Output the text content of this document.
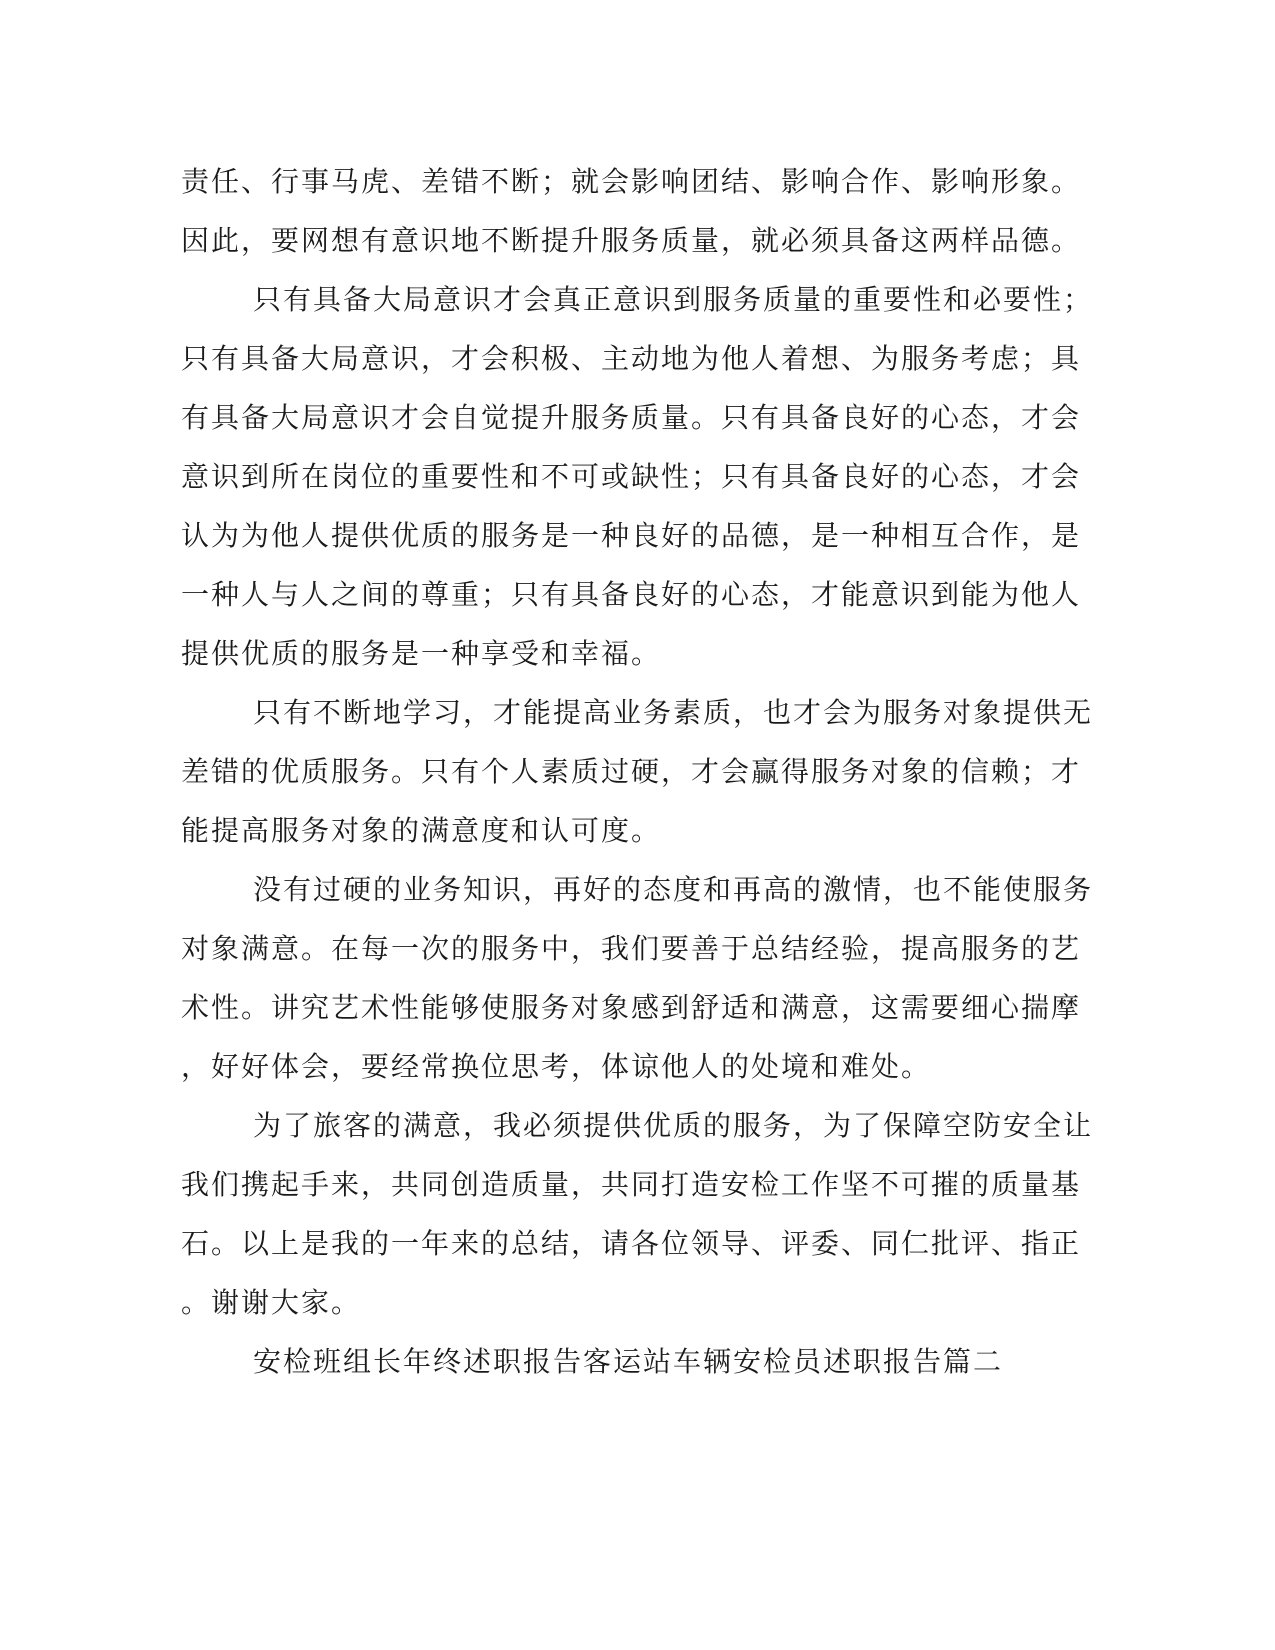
责任、行事马虎、差错不断；就会影响团结、影响合作、影响形象。
因此，要网想有意识地不断提升服务质量，就必须具备这两样品德。
只有具备大局意识才会真正意识到服务质量的重要性和必要性；
只有具备大局意识，才会积极、主动地为他人着想、为服务考虑；具
有具备大局意识才会自觉提升服务质量。只有具备良好的心态，才会
意识到所在岗位的重要性和不可或缺性；只有具备良好的心态，才会
认为为他人提供优质的服务是一种良好的品德，是一种相互合作，是
一种人与人之间的尊重；只有具备良好的心态，才能意识到能为他人
提供优质的服务是一种享受和幸福。
只有不断地学习，才能提高业务素质，也才会为服务对象提供无
差错的优质服务。只有个人素质过硬，才会赢得服务对象的信赖；才
能提高服务对象的满意度和认可度。
没有过硬的业务知识，再好的态度和再高的激情，也不能使服务
对象满意。在每一次的服务中，我们要善于总结经验，提高服务的艺
术性。讲究艺术性能够使服务对象感到舒适和满意，这需要细心揣摩
，好好体会，要经常换位思考，体谅他人的处境和难处。
为了旅客的满意，我必须提供优质的服务，为了保障空防安全让
我们携起手来，共同创造质量，共同打造安检工作坚不可摧的质量基
石。以上是我的一年来的总结，请各位领导、评委、同仁批评、指正
。谢谢大家。
安检班组长年终述职报告客运站车辆安检员述职报告篇二
